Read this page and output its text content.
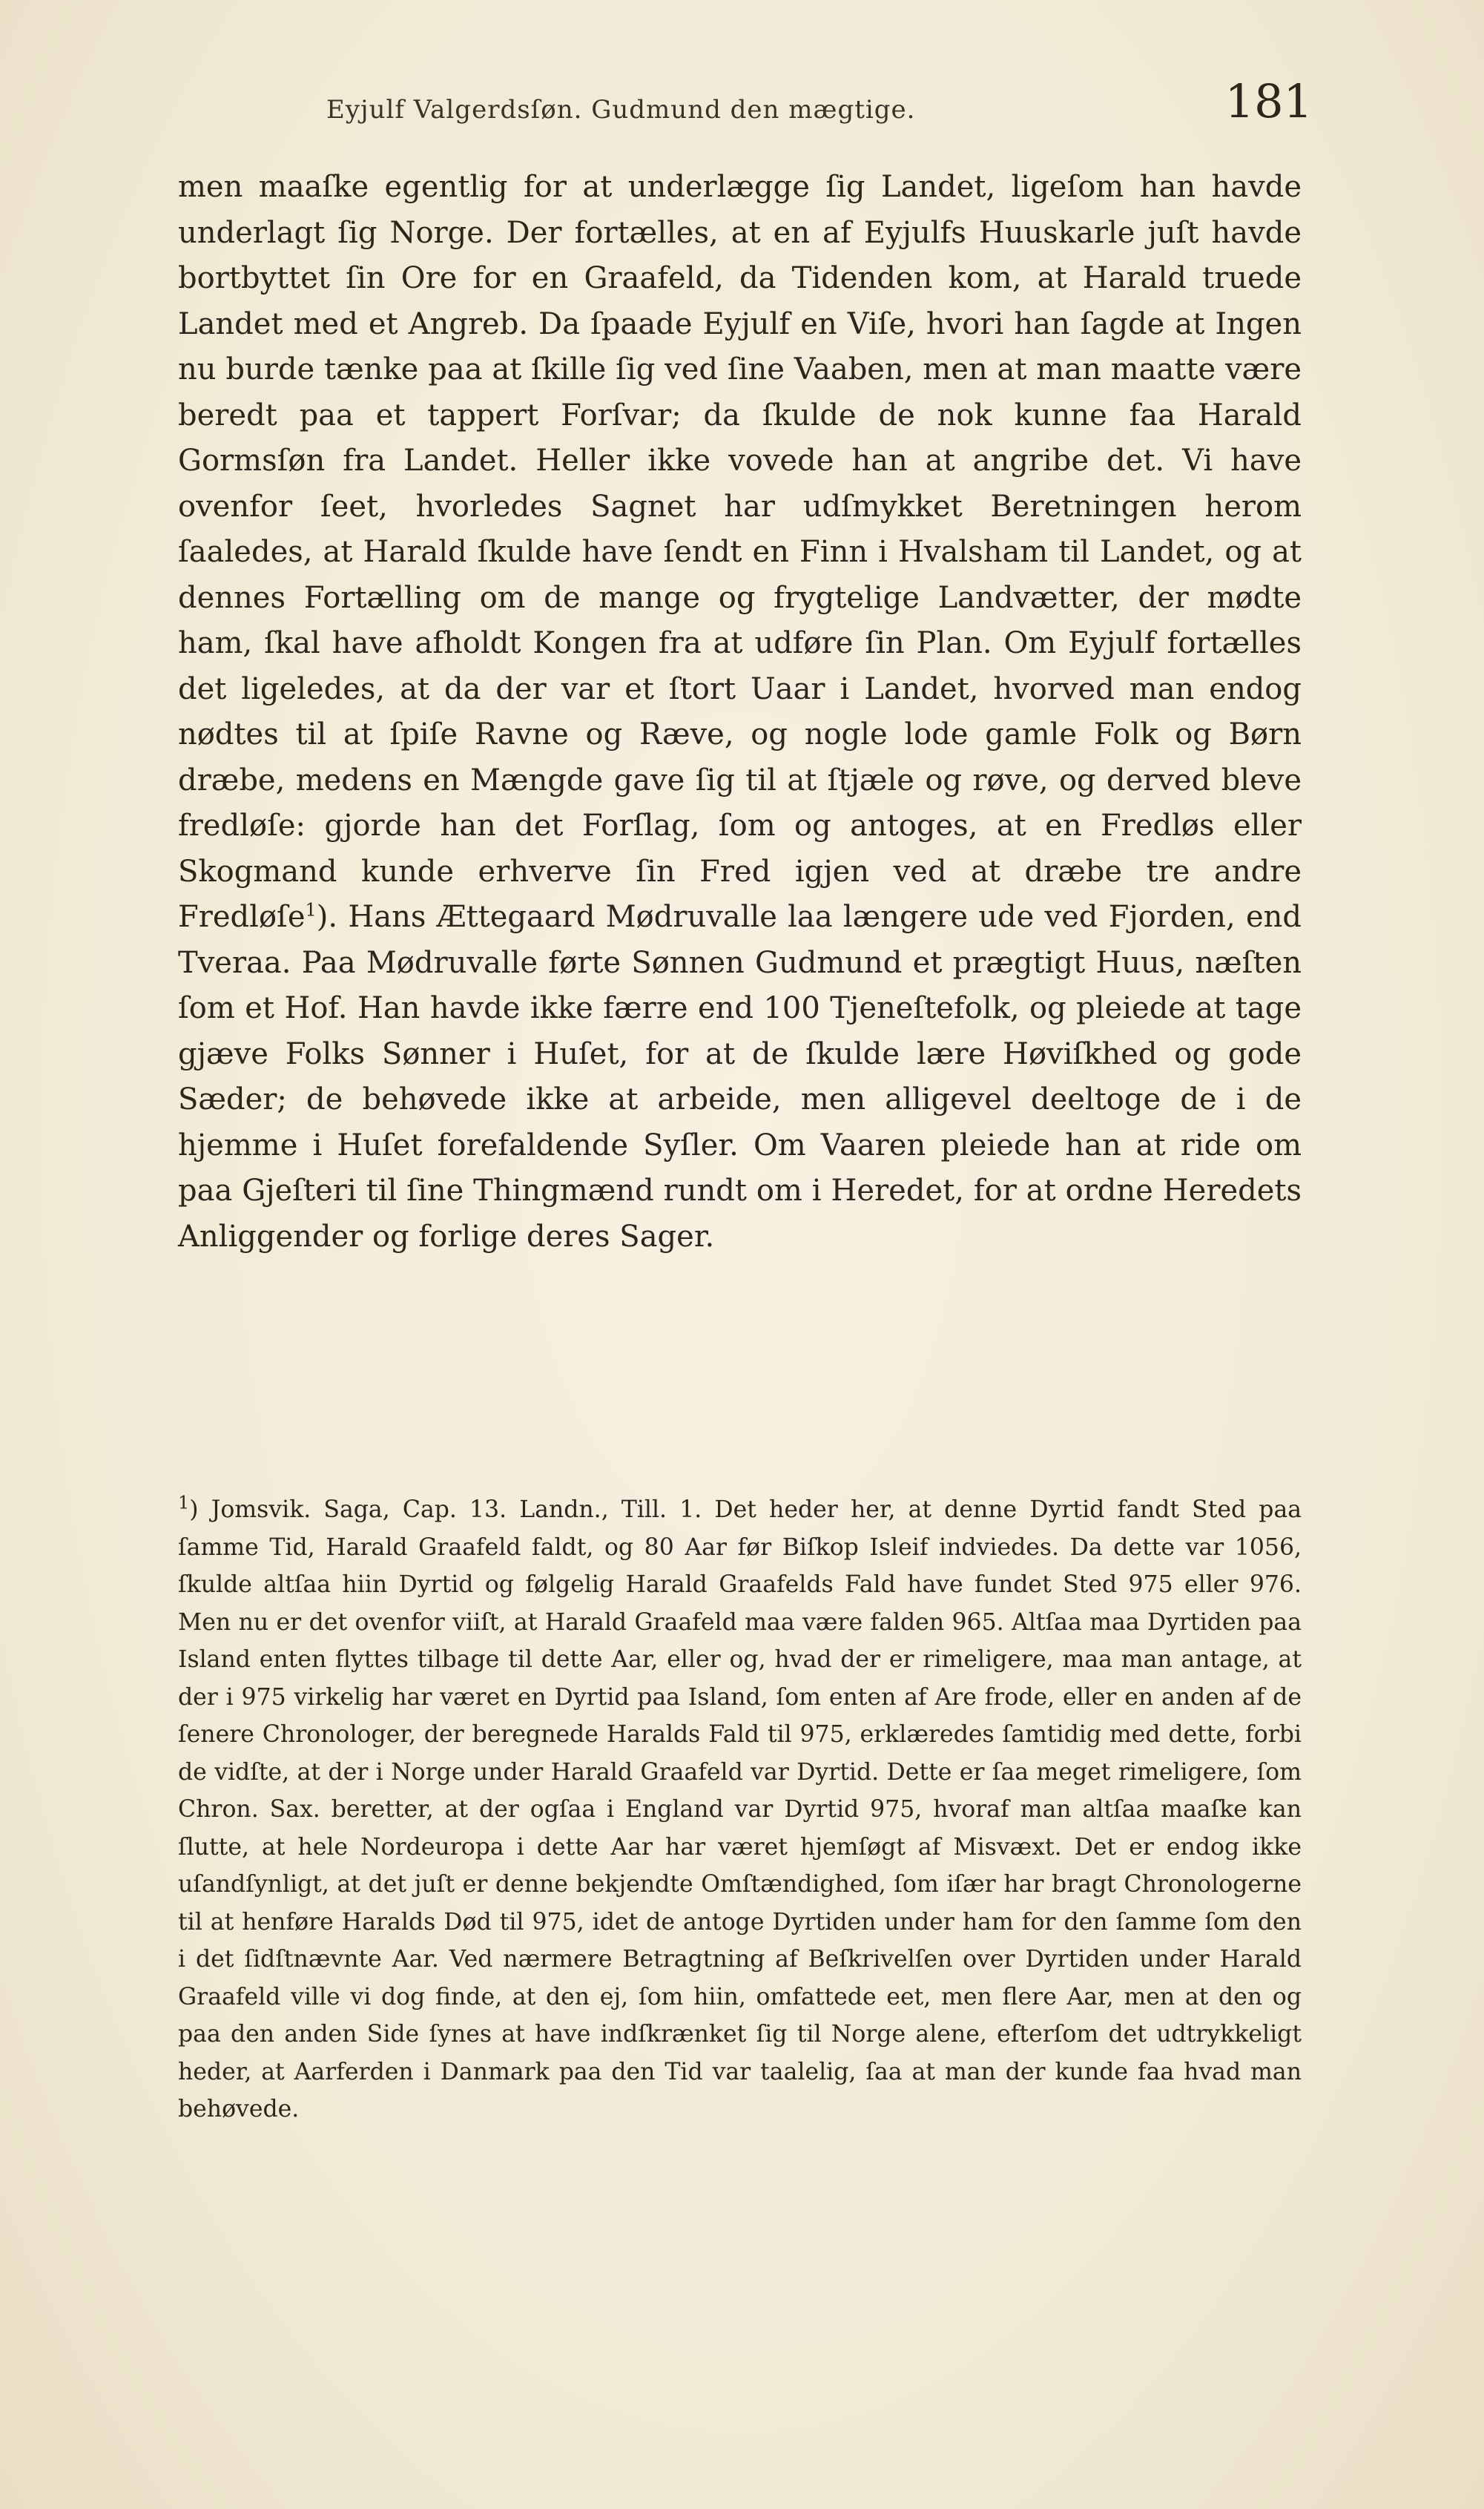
Eyjulf Valgerdsſøn. Gudmund den mægtige.	181

men maaſke egentlig for at underlægge ſig Landet, ligeſom han havde underlagt ſig Norge. Der fortælles, at en af Eyjulfs Huuskarle juſt havde bortbyttet ſin Ore for en Graafeld, da Tidenden kom, at Harald truede Landet med et Angreb. Da ſpaade Eyjulf en Viſe, hvori han ſagde at Ingen nu burde tænke paa at ſkille ſig ved ſine Vaaben, men at man maatte være beredt paa et tappert Forſvar; da ſkulde de nok kunne faa Harald Gormsſøn fra Landet. Heller ikke vovede han at angribe det. Vi have ovenfor ſeet, hvorledes Sagnet har udſmykket Beretningen herom ſaaledes, at Harald ſkulde have ſendt en Finn i Hvalsham til Landet, og at dennes Fortælling om de mange og frygtelige Landvætter, der mødte ham, ſkal have afholdt Kongen fra at udføre ſin Plan. Om Eyjulf fortælles det ligeledes, at da der var et ſtort Uaar i Landet, hvorved man endog nødtes til at ſpiſe Ravne og Ræve, og nogle lode gamle Folk og Børn dræbe, medens en Mængde gave ſig til at ſtjæle og røve, og derved bleve fredløſe: gjorde han det Forſlag, ſom og antoges, at en Fredløs eller Skogmand kunde erhverve ſin Fred igjen ved at dræbe tre andre Fredløſe$^1$). Hans Ættegaard Mødruvalle laa længere ude ved Fjorden, end Tveraa. Paa Mødruvalle førte Sønnen Gudmund et prægtigt Huus, næſten ſom et Hof. Han havde ikke færre end 100 Tjeneſtefolk, og pleiede at tage gjæve Folks Sønner i Huſet, for at de ſkulde lære Høviſkhed og gode Sæder; de behøvede ikke at arbeide, men alligevel deeltoge de i de hjemme i Huſet forefaldende Syſler. Om Vaaren pleiede han at ride om paa Gjeſteri til ſine Thingmænd rundt om i Heredet, for at ordne Heredets Anliggender og forlige deres Sager.

$^1$) Jomsvik. Saga, Cap. 13. Landn., Till. 1. Det heder her, at denne Dyrtid fandt Sted paa ſamme Tid, Harald Graafeld faldt, og 80 Aar før Biſkop Isleif indviedes. Da dette var 1056, ſkulde altſaa hiin Dyrtid og følgelig Harald Graafelds Fald have fundet Sted 975 eller 976. Men nu er det ovenfor viiſt, at Harald Graafeld maa være falden 965. Altſaa maa Dyrtiden paa Island enten flyttes tilbage til dette Aar, eller og, hvad der er rimeligere, maa man antage, at der i 975 virkelig har været en Dyrtid paa Island, ſom enten af Are frode, eller en anden af de ſenere Chronologer, der beregnede Haralds Fald til 975, erklæredes ſamtidig med dette, forbi de vidſte, at der i Norge under Harald Graafeld var Dyrtid. Dette er ſaa meget rimeligere, ſom Chron. Sax. beretter, at der ogſaa i England var Dyrtid 975, hvoraf man altſaa maaſke kan ſlutte, at hele Nordeuropa i dette Aar har været hjemſøgt af Misvæxt. Det er endog ikke uſandſynligt, at det juſt er denne bekjendte Omſtændighed, ſom iſær har bragt Chronologerne til at henføre Haralds Død til 975, idet de antoge Dyrtiden under ham for den ſamme ſom den i det ſidſtnævnte Aar. Ved nærmere Betragtning af Beſkrivelſen over Dyrtiden under Harald Graafeld ville vi dog finde, at den ej, ſom hiin, omfattede eet, men flere Aar, men at den og paa den anden Side ſynes at have indſkrænket ſig til Norge alene, efterſom det udtrykkeligt heder, at Aarferden i Danmark paa den Tid var taalelig, ſaa at man der kunde faa hvad man behøvede.
